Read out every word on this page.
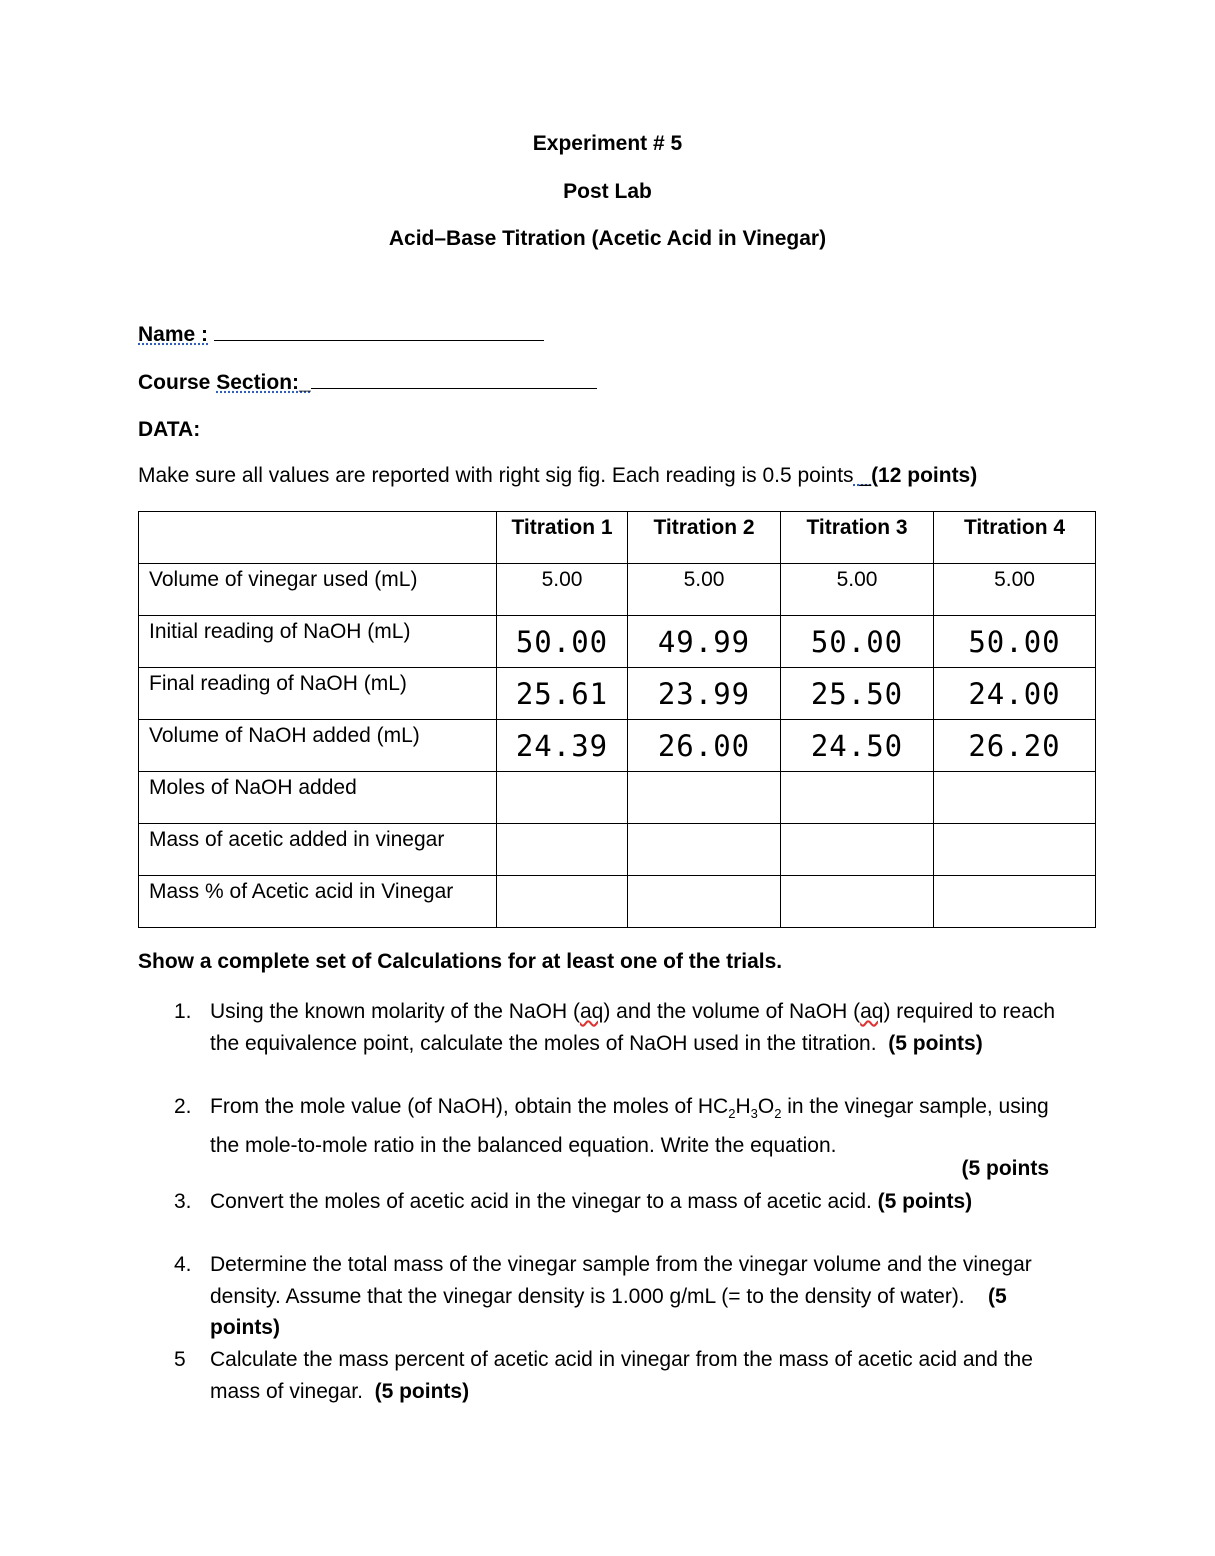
Experiment # 5
Post Lab
Acid–Base Titration (Acetic Acid in Vinegar)
Name :
Course Section:_
DATA:
Make sure all values are reported with right sig fig. Each reading is 0.5 points _(12 points)
	Titration 1	Titration 2	Titration 3	Titration 4
Volume of vinegar used (mL)	5.00	5.00	5.00	5.00
Initial reading of NaOH (mL)	50.00	49.99	50.00	50.00
Final reading of NaOH (mL)	25.61	23.99	25.50	24.00
Volume of NaOH added (mL)	24.39	26.00	24.50	26.20
Moles of NaOH added				
Mass of acetic added in vinegar				
Mass % of Acetic acid in Vinegar				
Show a complete set of Calculations for at least one of the trials.
1. Using the known molarity of the NaOH (aq) and the volume of NaOH (aq) required to reach the equivalence point, calculate the moles of NaOH used in the titration. (5 points)
2. From the mole value (of NaOH), obtain the moles of $HC_2H_3O_2$ in the vinegar sample, using the mole-to-mole ratio in the balanced equation. Write the equation.
(5 points
3. Convert the moles of acetic acid in the vinegar to a mass of acetic acid. (5 points)
4. Determine the total mass of the vinegar sample from the vinegar volume and the vinegar density. Assume that the vinegar density is 1.000 g/mL (= to the density of water). (5 points)
5 Calculate the mass percent of acetic acid in vinegar from the mass of acetic acid and the mass of vinegar. (5 points)
